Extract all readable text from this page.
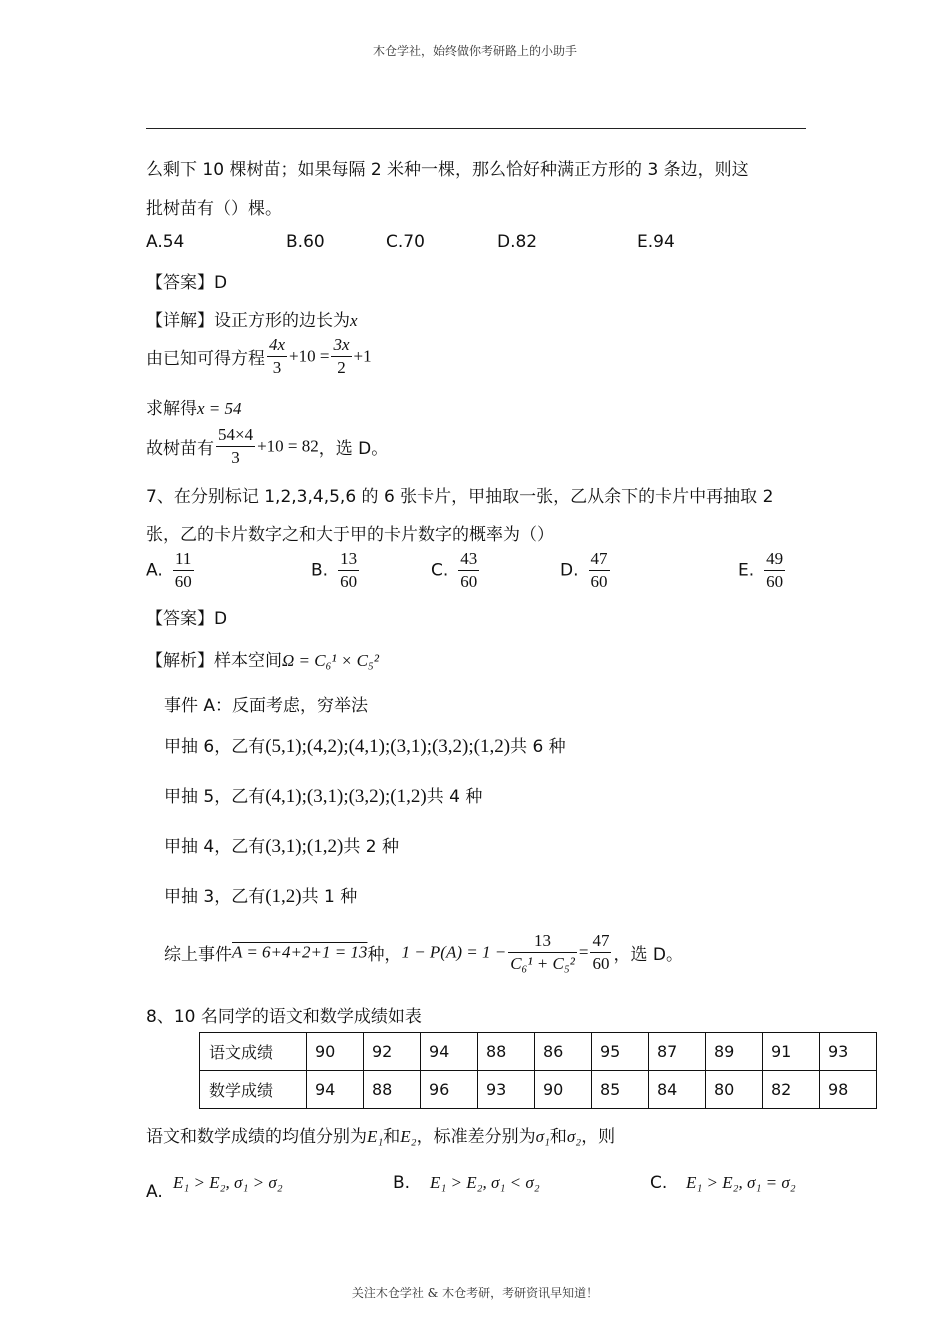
木仓学社，始终做你考研路上的小助手
么剩下 10 棵树苗；如果每隔 2 米种一棵，那么恰好种满正方形的 3 条边，则这
批树苗有（）棵。
A.54	B.60	C.70	D.82	E.94
【答案】D
【详解】设正方形的边长为x
由已知可得方程 $\frac{4x}{3} +10 = \frac{3x}{2} +1$
求解得x = 54
故树苗有 $\frac{54\times 4}{3} +10 = 82$，选 D。
7、在分别标记 1,2,3,4,5,6 的 6 张卡片，甲抽取一张，乙从余下的卡片中再抽取 2
张，乙的卡片数字之和大于甲的卡片数字的概率为（）
A. $\frac{11}{60}$	B. $\frac{13}{60}$	C. $\frac{43}{60}$	D. $\frac{47}{60}$	E. $\frac{49}{60}$
【答案】D
【解析】样本空间Ω = C₆¹ × C₅²
事件 A：反面考虑，穷举法
甲抽 6，乙有(5,1);(4,2);(4,1);(3,1);(3,2);(1,2)共 6 种
甲抽 5，乙有(4,1);(3,1);(3,2);(1,2)共 4 种
甲抽 4，乙有(3,1);(1,2)共 2 种
甲抽 3，乙有(1,2)共 1 种
综上事件A = 6+4+2+1 = 13种，$1 - P(A) = 1 - \frac{13}{\text{C₆¹ + C₅²}} = \frac{47}{60}$ ，选 D。
8、10 名同学的语文和数学成绩如表
语文成绩	90	92	94	88	86	95	87	89	91	93
数学成绩	94	88	96	93	90	85	84	80	82	98
语文和数学成绩的均值分别为E₁和E₂，标准差分别为σ₁和σ₂，则
A. E₁ > E₂, σ₁ > σ₂	B. E₁ > E₂, σ₁ < σ₂	C. E₁ > E₂, σ₁ = σ₂
关注木仓学社 & 木仓考研，考研资讯早知道！
